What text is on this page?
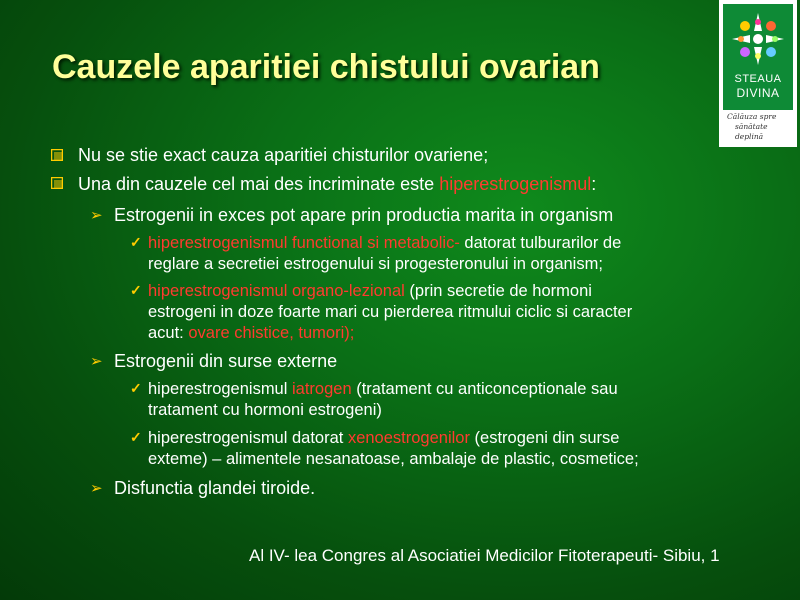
Cauzele aparitiei chistului ovarian	STEAUA
DIVINA
Călăuza spre
sănătate deplină
Nu se stie exact cauza aparitiei chisturilor ovariene;
Una din cauzele cel mai des incriminate este hiperestrogenismul:
➢ Estrogenii in exces pot apare prin productia marita in organism
✓ hiperestrogenismul functional si metabolic- datorat tulburarilor de
reglare a secretiei estrogenului si progesteronului in organism;
✓ hiperestrogenismul organo-lezional (prin secretie de hormoni
estrogeni in doze foarte mari cu pierderea ritmului ciclic si caracter
acut: ovare chistice, tumori);
➢ Estrogenii din surse externe
✓ hiperestrogenismul iatrogen (tratament cu anticonceptionale sau
tratament cu hormoni estrogeni)
✓ hiperestrogenismul datorat xenoestrogenilor (estrogeni din surse
exteme) – alimentele nesanatoase, ambalaje de plastic, cosmetice;
➢ Disfunctia glandei tiroide.
Al IV- lea Congres al Asociatiei Medicilor Fitoterapeuti- Sibiu, 1
